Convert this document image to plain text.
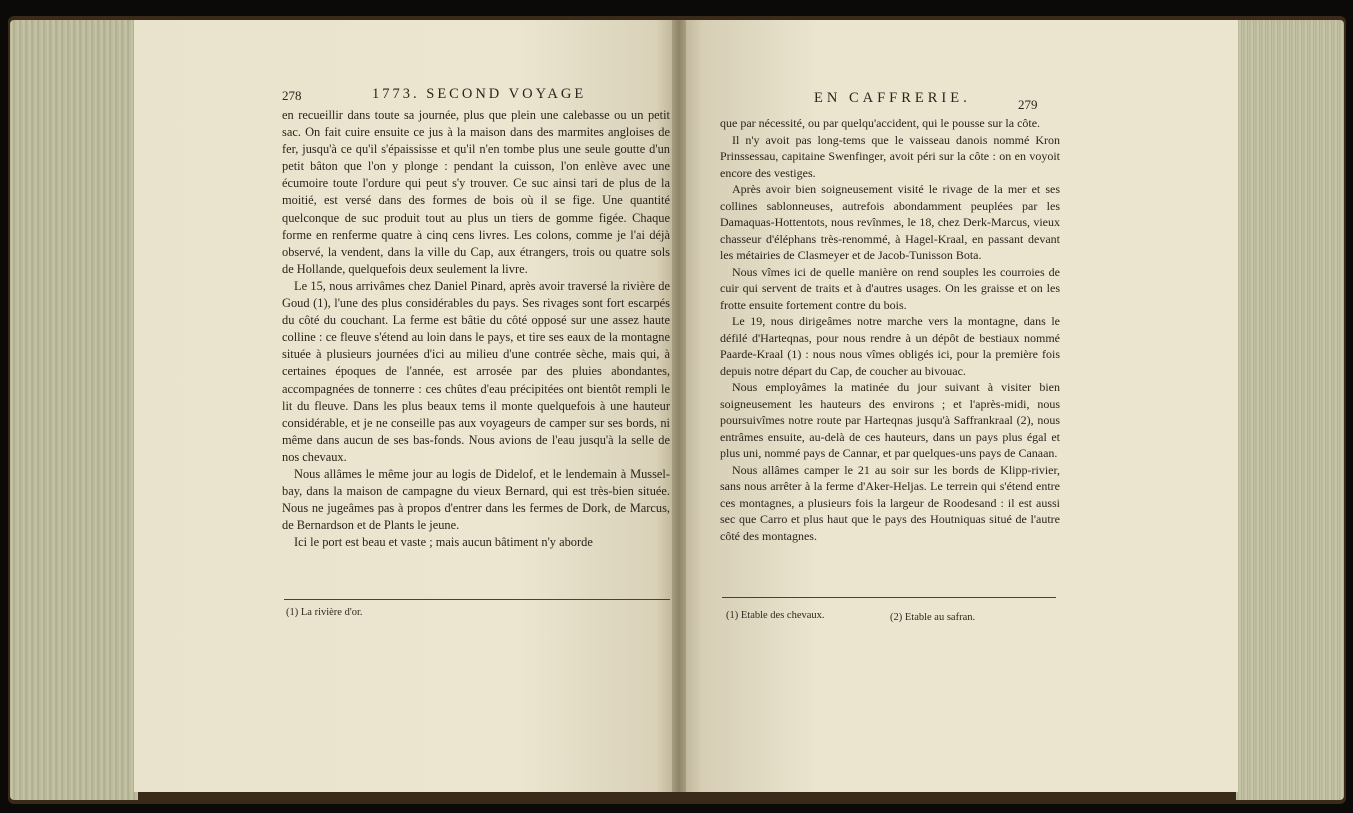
278	1773. SECOND VOYAGE

en recueillir dans toute sa journée, plus que plein une calebasse ou un petit sac. On fait cuire ensuite ce jus à la maison dans des marmites angloises de fer, jusqu'à ce qu'il s'épaississe et qu'il n'en tombe plus une seule goutte d'un petit bâton que l'on y plonge : pendant la cuisson, l'on enlève avec une écumoire toute l'ordure qui peut s'y trouver. Ce suc ainsi tari de plus de la moitié, est versé dans des formes de bois où il se fige. Une quantité quelconque de suc produit tout au plus un tiers de gomme figée. Chaque forme en renferme quatre à cinq cens livres. Les colons, comme je l'ai déjà observé, la vendent, dans la ville du Cap, aux étrangers, trois ou quatre sols de Hollande, quelquefois deux seulement la livre.

Le 15, nous arrivâmes chez Daniel Pinard, après avoir traversé la rivière de Goud (1), l'une des plus considérables du pays. Ses rivages sont fort escarpés du côté du couchant. La ferme est bâtie du côté opposé sur une assez haute colline : ce fleuve s'étend au loin dans le pays, et tire ses eaux de la montagne située à plusieurs journées d'ici au milieu d'une contrée sèche, mais qui, à certaines époques de l'année, est arrosée par des pluies abondantes, accompagnées de tonnerre : ces chûtes d'eau précipitées ont bientôt rempli le lit du fleuve. Dans les plus beaux tems il monte quelquefois à une hauteur considérable, et je ne conseille pas aux voyageurs de camper sur ses bords, ni même dans aucun de ses bas-fonds. Nous avions de l'eau jusqu'à la selle de nos chevaux.

Nous allâmes le même jour au logis de Didelof, et le lendemain à Mussel-bay, dans la maison de campagne du vieux Bernard, qui est très-bien située. Nous ne jugeâmes pas à propos d'entrer dans les fermes de Dork, de Marcus, de Bernardson et de Plants le jeune.

Ici le port est beau et vaste ; mais aucun bâtiment n'y aborde

(1) La rivière d'or.
EN CAFFRERIE.	279

que par nécessité, ou par quelqu'accident, qui le pousse sur la côte.

Il n'y avoit pas long-tems que le vaisseau danois nommé Kron Prinssessau, capitaine Swenfinger, avoit péri sur la côte : on en voyoit encore des vestiges.

Après avoir bien soigneusement visité le rivage de la mer et ses collines sablonneuses, autrefois abondamment peuplées par les Damaquas-Hottentots, nous revînmes, le 18, chez Derk-Marcus, vieux chasseur d'éléphans très-renommé, à Hagel-Kraal, en passant devant les métairies de Clasmeyer et de Jacob-Tunisson Bota.

Nous vîmes ici de quelle manière on rend souples les courroies de cuir qui servent de traits et à d'autres usages. On les graisse et on les frotte ensuite fortement contre du bois.

Le 19, nous dirigeâmes notre marche vers la montagne, dans le défilé d'Harteqnas, pour nous rendre à un dépôt de bestiaux nommé Paarde-Kraal (1) : nous nous vîmes obligés ici, pour la première fois depuis notre départ du Cap, de coucher au bivouac.

Nous employâmes la matinée du jour suivant à visiter bien soigneusement les hauteurs des environs ; et l'après-midi, nous poursuivîmes notre route par Harteqnas jusqu'à Saffrankraal (2), nous entrâmes ensuite, au-delà de ces hauteurs, dans un pays plus égal et plus uni, nommé pays de Cannar, et par quelques-uns pays de Canaan.

Nous allâmes camper le 21 au soir sur les bords de Klipp-rivier, sans nous arrêter à la ferme d'Aker-Heljas. Le terrein qui s'étend entre ces montagnes, a plusieurs fois la largeur de Roodesand : il est aussi sec que Carro et plus haut que le pays des Houtniquas situé de l'autre côté des montagnes.

(1) Etable des chevaux.	(2) Etable au safran.
